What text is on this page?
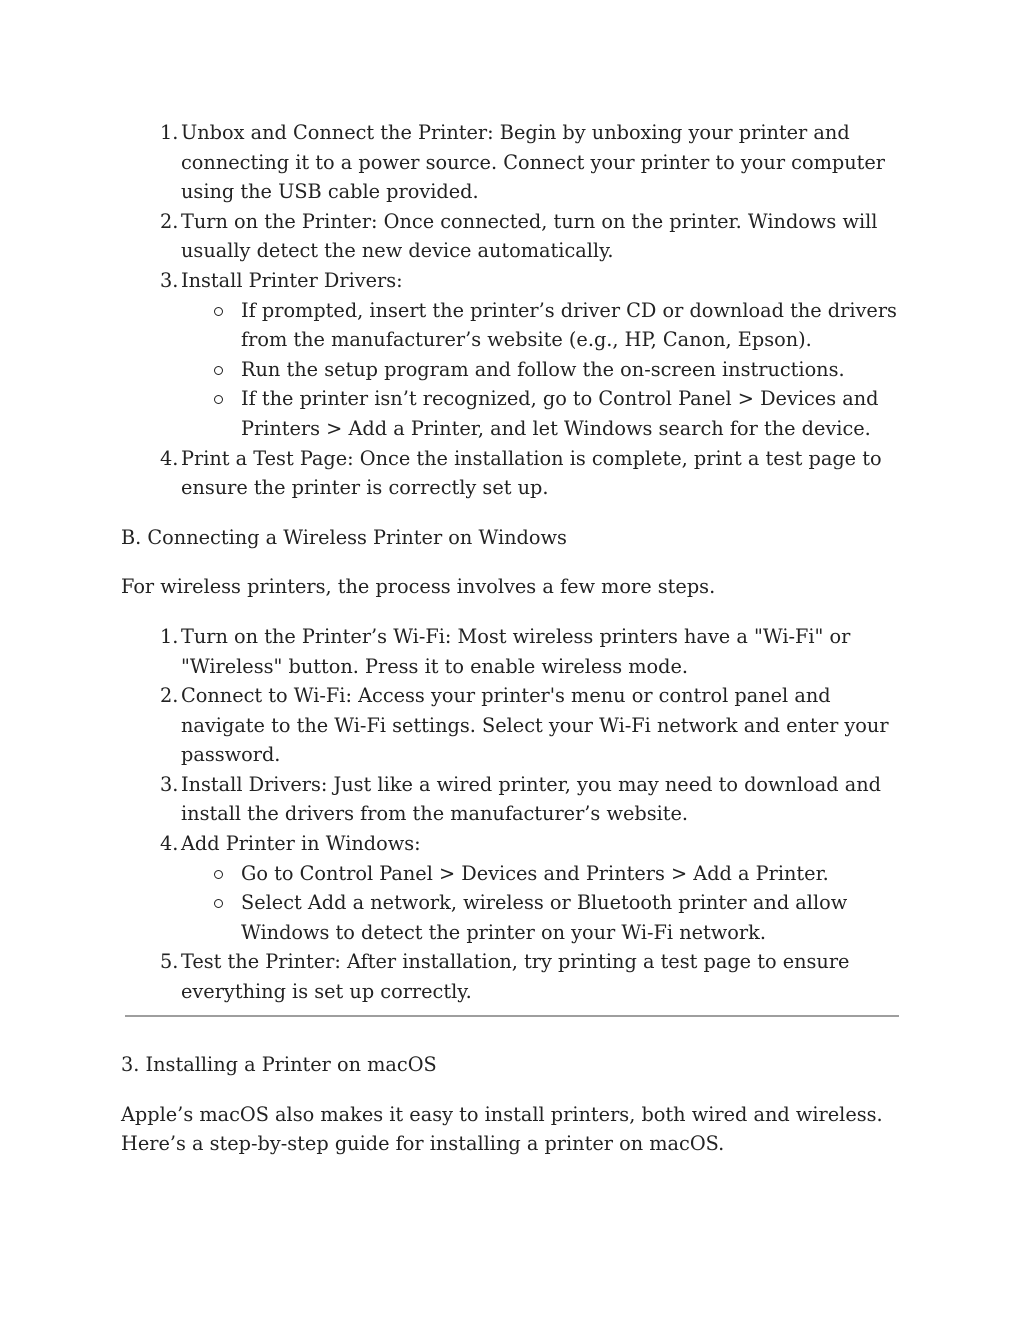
1. Unbox and Connect the Printer: Begin by unboxing your printer and connecting it to a power source. Connect your printer to your computer using the USB cable provided.
2. Turn on the Printer: Once connected, turn on the printer. Windows will usually detect the new device automatically.
3. Install Printer Drivers:
If prompted, insert the printer’s driver CD or download the drivers from the manufacturer’s website (e.g., HP, Canon, Epson).
Run the setup program and follow the on-screen instructions.
If the printer isn’t recognized, go to Control Panel > Devices and Printers > Add a Printer, and let Windows search for the device.
4. Print a Test Page: Once the installation is complete, print a test page to ensure the printer is correctly set up.

B. Connecting a Wireless Printer on Windows

For wireless printers, the process involves a few more steps.

1. Turn on the Printer’s Wi-Fi: Most wireless printers have a "Wi-Fi" or "Wireless" button. Press it to enable wireless mode.
2. Connect to Wi-Fi: Access your printer's menu or control panel and navigate to the Wi-Fi settings. Select your Wi-Fi network and enter your password.
3. Install Drivers: Just like a wired printer, you may need to download and install the drivers from the manufacturer’s website.
4. Add Printer in Windows:
Go to Control Panel > Devices and Printers > Add a Printer.
Select Add a network, wireless or Bluetooth printer and allow Windows to detect the printer on your Wi-Fi network.
5. Test the Printer: After installation, try printing a test page to ensure everything is set up correctly.

3. Installing a Printer on macOS

Apple’s macOS also makes it easy to install printers, both wired and wireless. Here’s a step-by-step guide for installing a printer on macOS.
